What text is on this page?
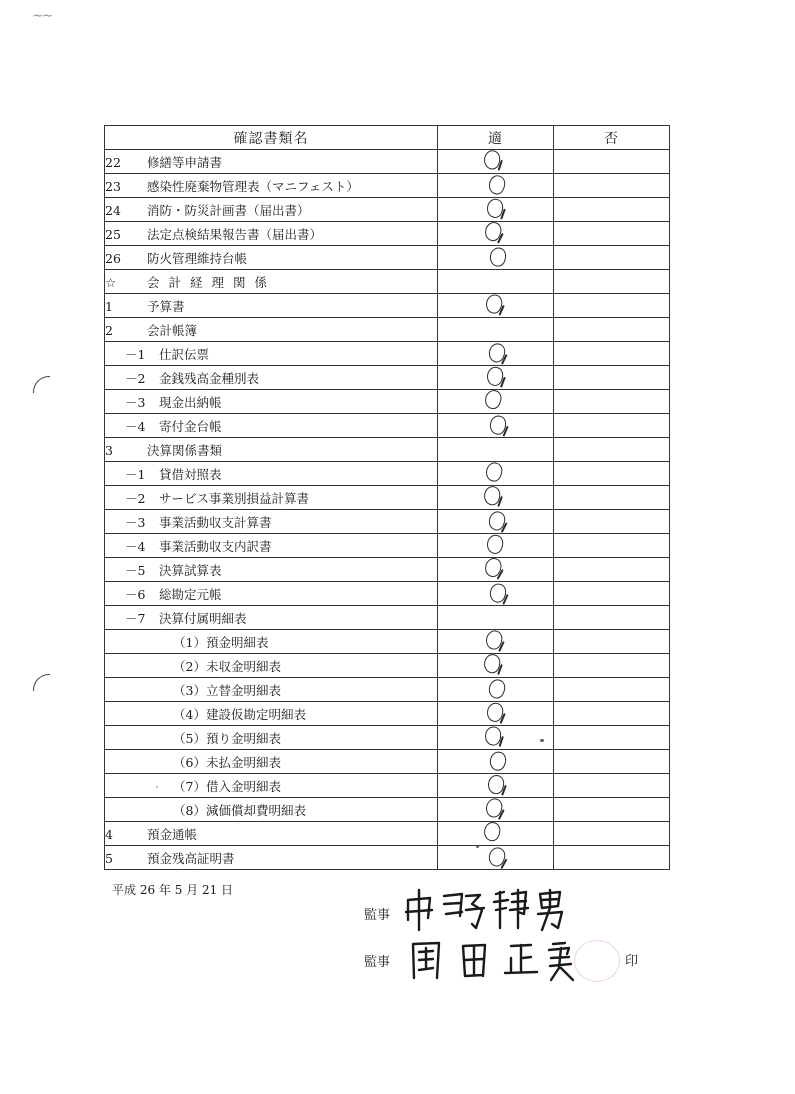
∼∼
確認書類名	適	否
22 修繕等申請書		
23 感染性廃棄物管理表（マニフェスト）		
24 消防・防災計画書（届出書）		
25 法定点検結果報告書（届出書）		
26 防火管理維持台帳		
☆ 会計経理関係		
1 予算書		
2 会計帳簿		
－1 仕訳伝票		
－2 金銭残高金種別表		
－3 現金出納帳		
－4 寄付金台帳		
3 決算関係書類		
－1 貸借対照表		
－2 サービス事業別損益計算書		
－3 事業活動収支計算書		
－4 事業活動収支内訳書		
－5 決算試算表		
－6 総勘定元帳		
－7 決算付属明細表		
（1）預金明細表		
（2）未収金明細表		
（3）立替金明細表		
（4）建設仮勘定明細表		
（5）預り金明細表		
（6）未払金明細表		
（7）借入金明細表		
（8）減価償却費明細表		
4 預金通帳		
5 預金残高証明書		
平成 26 年 5 月 21 日
監事
監事	印
